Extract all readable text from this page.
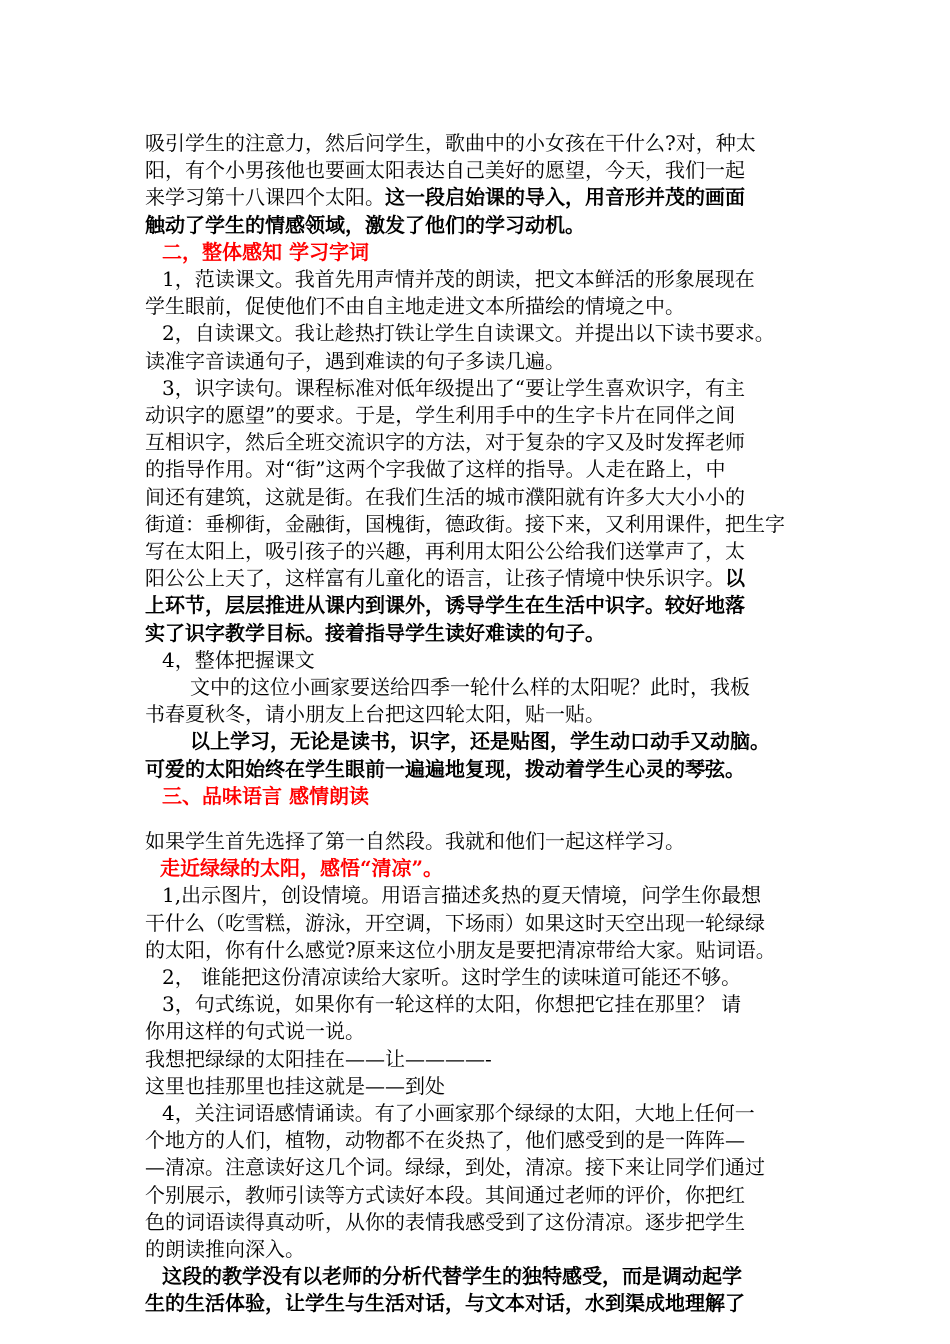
吸引学生的注意力，然后问学生，歌曲中的小女孩在干什么?对，种太
阳，有个小男孩他也要画太阳表达自己美好的愿望，今天，我们一起
来学习第十八课四个太阳。这一段启始课的导入，用音形并茂的画面
触动了学生的情感领域，激发了他们的学习动机。
二，整体感知 学习字词
1，范读课文。我首先用声情并茂的朗读，把文本鲜活的形象展现在
学生眼前，促使他们不由自主地走进文本所描绘的情境之中。
2，自读课文。我让趁热打铁让学生自读课文。并提出以下读书要求。
读准字音读通句子，遇到难读的句子多读几遍。
3，识字读句。课程标准对低年级提出了“要让学生喜欢识字，有主
动识字的愿望”的要求。于是，学生利用手中的生字卡片在同伴之间
互相识字，然后全班交流识字的方法，对于复杂的字又及时发挥老师
的指导作用。对“街”这两个字我做了这样的指导。人走在路上，中
间还有建筑，这就是街。在我们生活的城市濮阳就有许多大大小小的
街道：垂柳街，金融街，国槐街，德政街。接下来，又利用课件，把生字
写在太阳上，吸引孩子的兴趣，再利用太阳公公给我们送掌声了，太
阳公公上天了，这样富有儿童化的语言，让孩子情境中快乐识字。以
上环节，层层推进从课内到课外，诱导学生在生活中识字。较好地落
实了识字教学目标。接着指导学生读好难读的句子。
4，整体把握课文
文中的这位小画家要送给四季一轮什么样的太阳呢？此时，我板
书春夏秋冬，请小朋友上台把这四轮太阳，贴一贴。
以上学习，无论是读书，识字，还是贴图，学生动口动手又动脑。
可爱的太阳始终在学生眼前一遍遍地复现，拨动着学生心灵的琴弦。
三、品味语言 感情朗读
如果学生首先选择了第一自然段。我就和他们一起这样学习。
走近绿绿的太阳，感悟“清凉”。
1,出示图片，创设情境。用语言描述炙热的夏天情境，问学生你最想
干什么（吃雪糕，游泳，开空调，下场雨）如果这时天空出现一轮绿绿
的太阳，你有什么感觉?原来这位小朋友是要把清凉带给大家。贴词语。
2， 谁能把这份清凉读给大家听。这时学生的读味道可能还不够。
3，句式练说，如果你有一轮这样的太阳，你想把它挂在那里？ 请
你用这样的句式说一说。
我想把绿绿的太阳挂在——让————-
这里也挂那里也挂这就是——到处
4，关注词语感情诵读。有了小画家那个绿绿的太阳，大地上任何一
个地方的人们，植物，动物都不在炎热了，他们感受到的是一阵阵—
—清凉。注意读好这几个词。绿绿，到处，清凉。接下来让同学们通过
个别展示，教师引读等方式读好本段。其间通过老师的评价，你把红
色的词语读得真动听，从你的表情我感受到了这份清凉。逐步把学生
的朗读推向深入。
这段的教学没有以老师的分析代替学生的独特感受，而是调动起学
生的生活体验，让学生与生活对话，与文本对话，水到渠成地理解了
